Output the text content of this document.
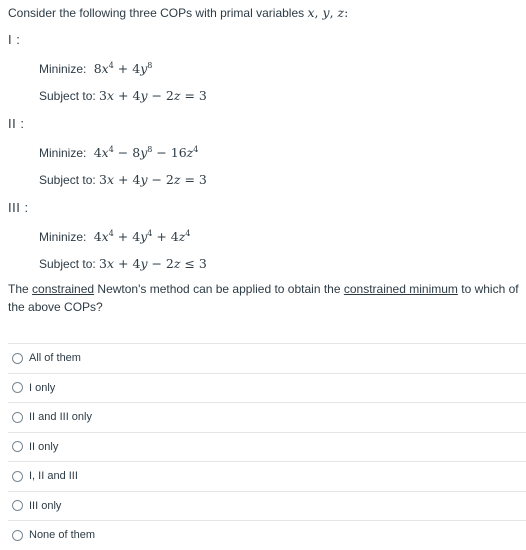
Consider the following three COPs with primal variables x, y, z:
I :
Mininize: $8x^4 + 4y^8$
Subject to: 3x + 4y − 2z = 3
II :
Mininize: $4x^4 - 8y^8 - 16z^4$
Subject to: 3x + 4y − 2z = 3
III :
Mininize: $4x^4 + 4y^4 + 4z^4$
Subject to: 3x + 4y − 2z ≤ 3
The constrained Newton's method can be applied to obtain the constrained minimum to which of the above COPs?
All of them
I only
II and III only
II only
I, II and III
III only
None of them
